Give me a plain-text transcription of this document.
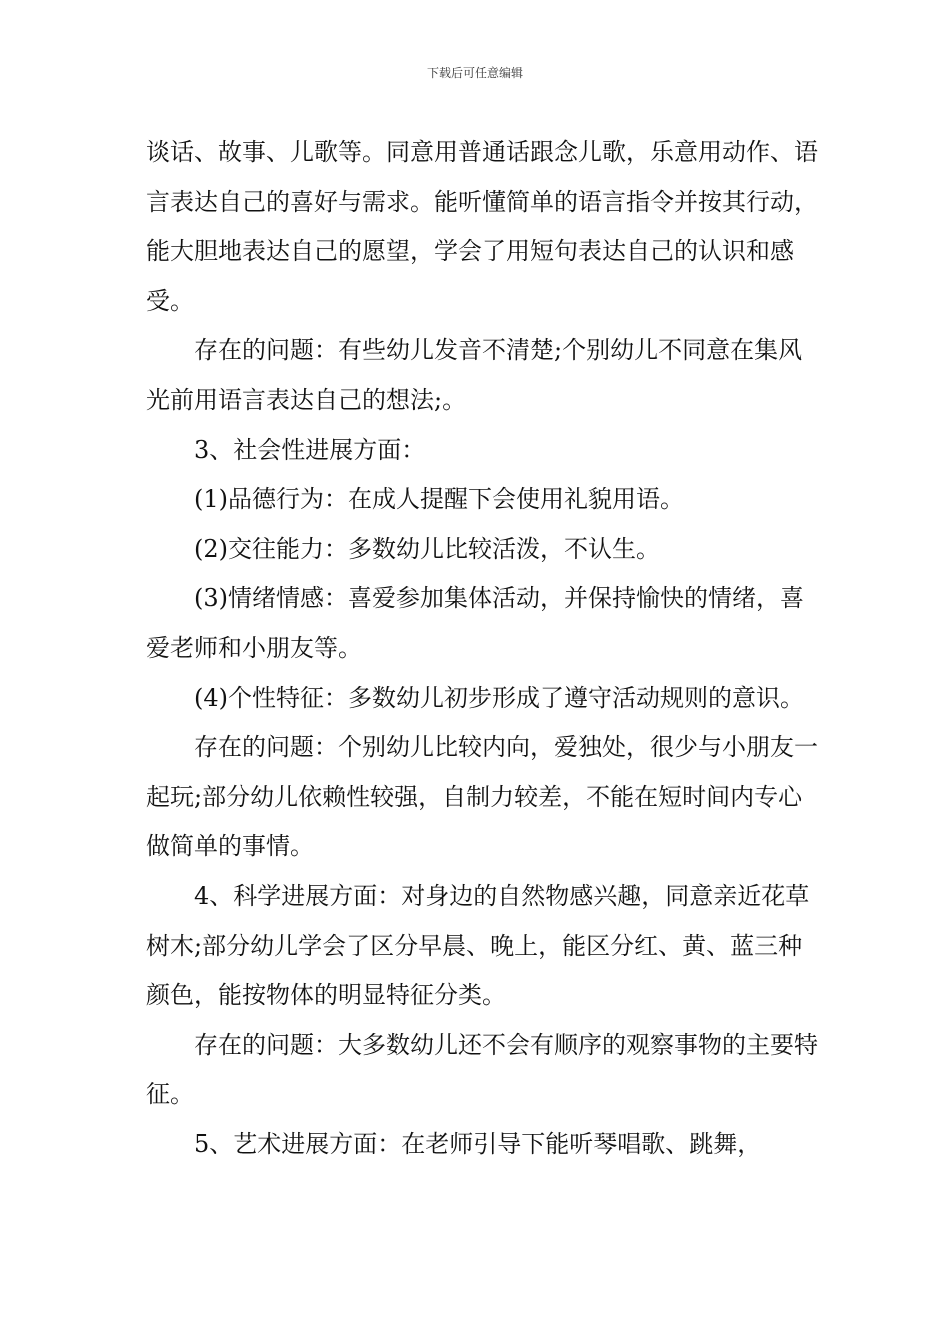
下载后可任意编辑

谈话、故事、儿歌等。同意用普通话跟念儿歌，乐意用动作、语言表达自己的喜好与需求。能听懂简单的语言指令并按其行动，能大胆地表达自己的愿望，学会了用短句表达自己的认识和感受。

存在的问题：有些幼儿发音不清楚;个别幼儿不同意在集风光前用语言表达自己的想法;。

3、社会性进展方面：

(1)品德行为：在成人提醒下会使用礼貌用语。

(2)交往能力：多数幼儿比较活泼，不认生。

(3)情绪情感：喜爱参加集体活动，并保持愉快的情绪，喜爱老师和小朋友等。

(4)个性特征：多数幼儿初步形成了遵守活动规则的意识。

存在的问题：个别幼儿比较内向，爱独处，很少与小朋友一起玩;部分幼儿依赖性较强，自制力较差，不能在短时间内专心做简单的事情。

4、科学进展方面：对身边的自然物感兴趣，同意亲近花草树木;部分幼儿学会了区分早晨、晚上，能区分红、黄、蓝三种颜色，能按物体的明显特征分类。

存在的问题：大多数幼儿还不会有顺序的观察事物的主要特征。

5、艺术进展方面：在老师引导下能听琴唱歌、跳舞，
